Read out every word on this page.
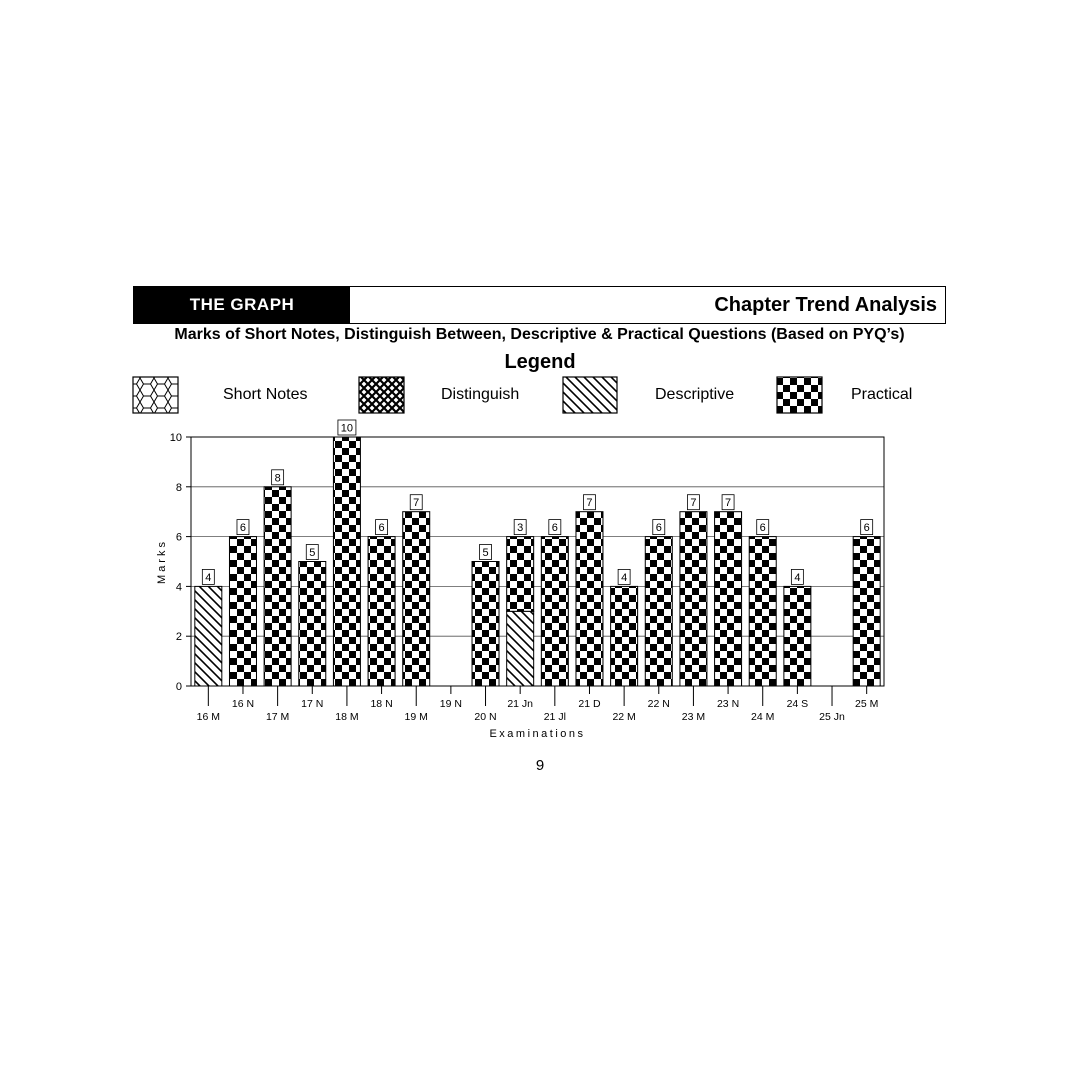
THE GRAPH	Chapter Trend Analysis
Marks of Short Notes, Distinguish Between, Descriptive & Practical Questions (Based on PYQ’s)
Legend
Short Notes	Distinguish	Descriptive	Practical
0
2
4
6
8
10
Marks
Examinations
16 M
4
16 N
6
17 M
8
17 N
5
18 M
10
18 N
6
19 M
7
19 N
20 N
5
21 Jn
3
21 Jl
6
21 D
7
22 M
4
22 N
6
23 M
7
23 N
7
24 M
6
24 S
4
25 Jn
25 M
6
9
